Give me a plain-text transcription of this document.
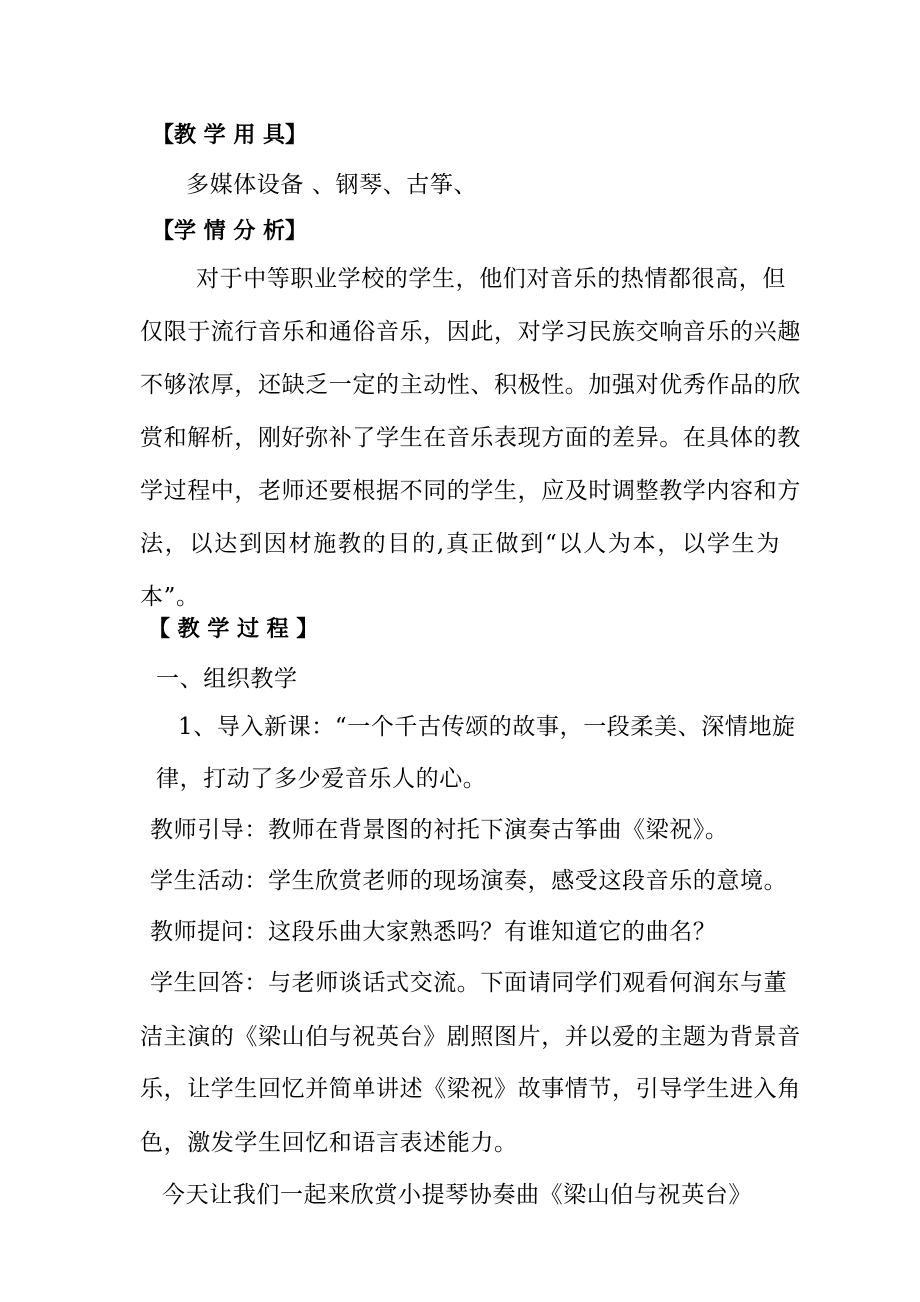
【教 学 用 具】
多媒体设备 、钢琴、古筝、
【学 情 分 析】
对于中等职业学校的学生，他们对音乐的热情都很高，但
仅限于流行音乐和通俗音乐，因此，对学习民族交响音乐的兴趣
不够浓厚，还缺乏一定的主动性、积极性。加强对优秀作品的欣
赏和解析，刚好弥补了学生在音乐表现方面的差异。在具体的教
学过程中，老师还要根据不同的学生，应及时调整教学内容和方
法，以达到因材施教的目的,真正做到“以人为本，以学生为
本”。
【 教 学 过 程 】
一、组织教学
1、导入新课：“一个千古传颂的故事，一段柔美、深情地旋
律，打动了多少爱音乐人的心。
教师引导：教师在背景图的衬托下演奏古筝曲《梁祝》。
学生活动：学生欣赏老师的现场演奏，感受这段音乐的意境。
教师提问：这段乐曲大家熟悉吗？有谁知道它的曲名？
学生回答：与老师谈话式交流。下面请同学们观看何润东与董
洁主演的《梁山伯与祝英台》剧照图片，并以爱的主题为背景音
乐，让学生回忆并简单讲述《梁祝》故事情节，引导学生进入角
色，激发学生回忆和语言表述能力。
今天让我们一起来欣赏小提琴协奏曲《梁山伯与祝英台》
